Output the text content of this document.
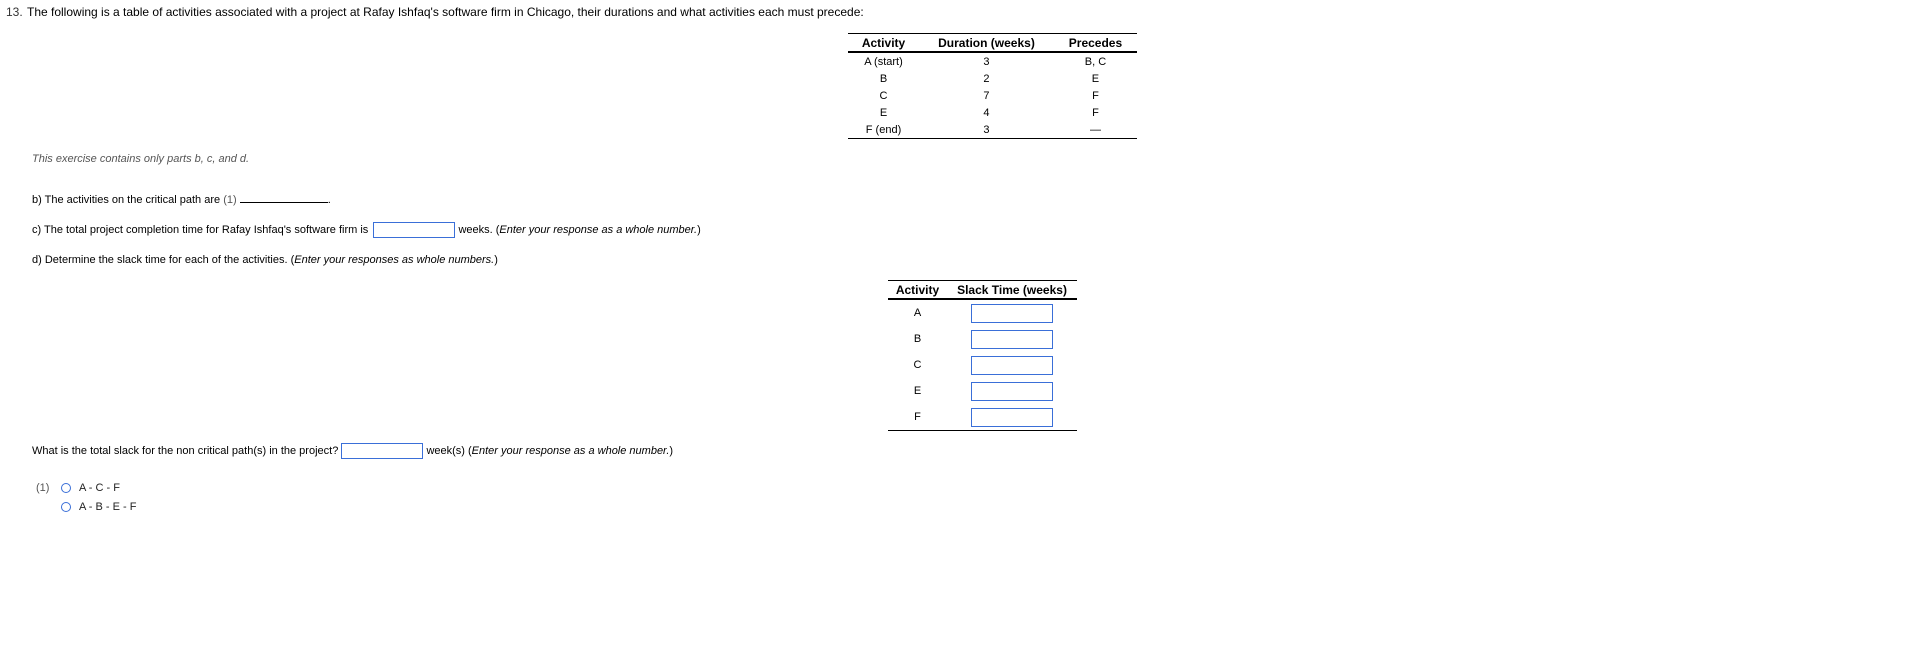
13. The following is a table of activities associated with a project at Rafay Ishfaq's software firm in Chicago, their durations and what activities each must precede:
Activity	Duration (weeks)	Precedes
A (start)	3	B, C
B	2	E
C	7	F
E	4	F
F (end)	3	—
This exercise contains only parts b, c, and d.
b) The activities on the critical path are (1)	.
c) The total project completion time for Rafay Ishfaq's software firm is	weeks. (Enter your response as a whole number.)
d) Determine the slack time for each of the activities. (Enter your responses as whole numbers.)
Activity	Slack Time (weeks)
A	
B	
C	
E	
F	
What is the total slack for the non critical path(s) in the project?	week(s) (Enter your response as a whole number.)
(1)	A - C - F
A - B - E - F
